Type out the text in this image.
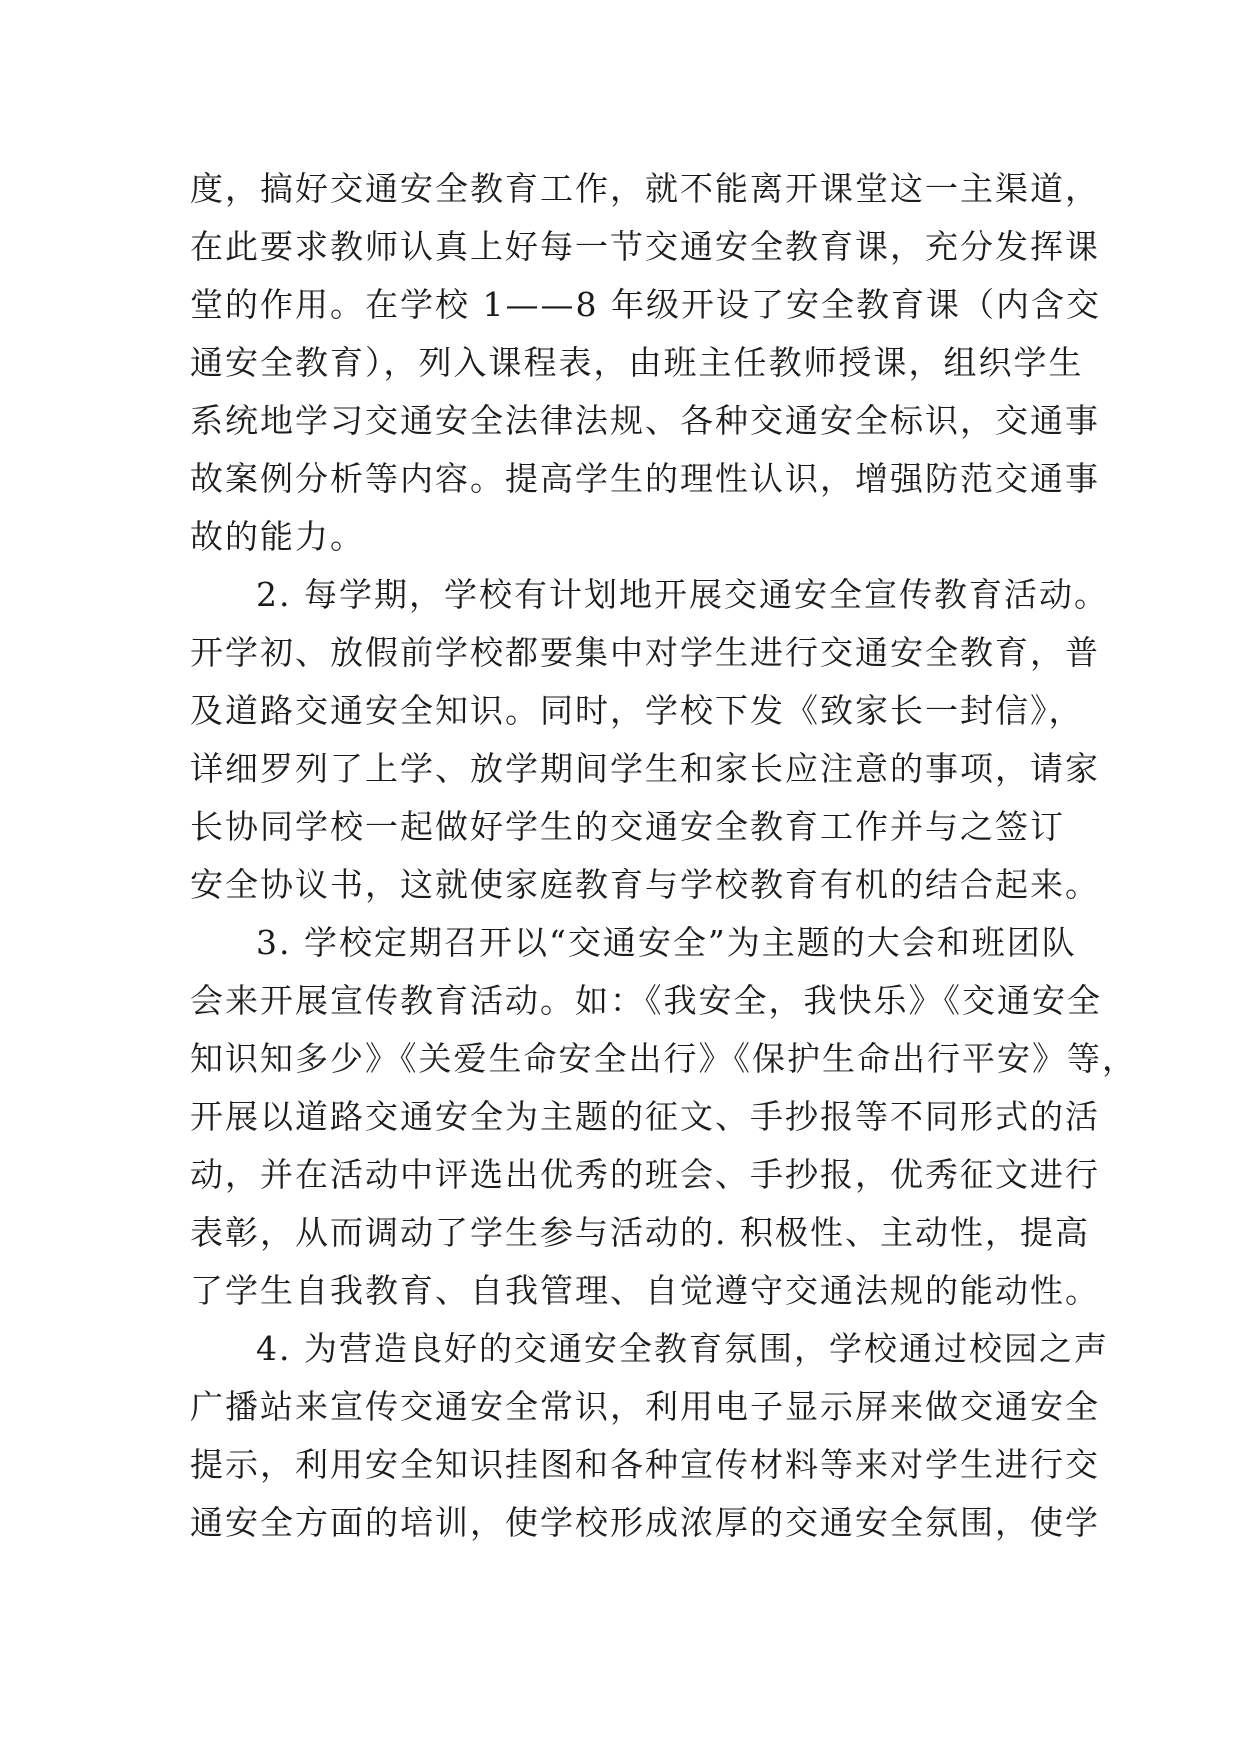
度，搞好交通安全教育工作，就不能离开课堂这一主渠道，
在此要求教师认真上好每一节交通安全教育课，充分发挥课
堂的作用。在学校 1——8 年级开设了安全教育课（内含交
通安全教育），列入课程表，由班主任教师授课，组织学生
系统地学习交通安全法律法规、各种交通安全标识，交通事
故案例分析等内容。提高学生的理性认识，增强防范交通事
故的能力。
2. 每学期，学校有计划地开展交通安全宣传教育活动。
开学初、放假前学校都要集中对学生进行交通安全教育，普
及道路交通安全知识。同时，学校下发《致家长一封信》，
详细罗列了上学、放学期间学生和家长应注意的事项，请家
长协同学校一起做好学生的交通安全教育工作并与之签订
安全协议书，这就使家庭教育与学校教育有机的结合起来。
3. 学校定期召开以“交通安全”为主题的大会和班团队
会来开展宣传教育活动。如：《我安全，我快乐》《交通安全
知识知多少》《关爱生命安全出行》《保护生命出行平安》等，
开展以道路交通安全为主题的征文、手抄报等不同形式的活
动，并在活动中评选出优秀的班会、手抄报，优秀征文进行
表彰，从而调动了学生参与活动的. 积极性、主动性，提高
了学生自我教育、自我管理、自觉遵守交通法规的能动性。
4. 为营造良好的交通安全教育氛围，学校通过校园之声
广播站来宣传交通安全常识，利用电子显示屏来做交通安全
提示，利用安全知识挂图和各种宣传材料等来对学生进行交
通安全方面的培训，使学校形成浓厚的交通安全氛围，使学
